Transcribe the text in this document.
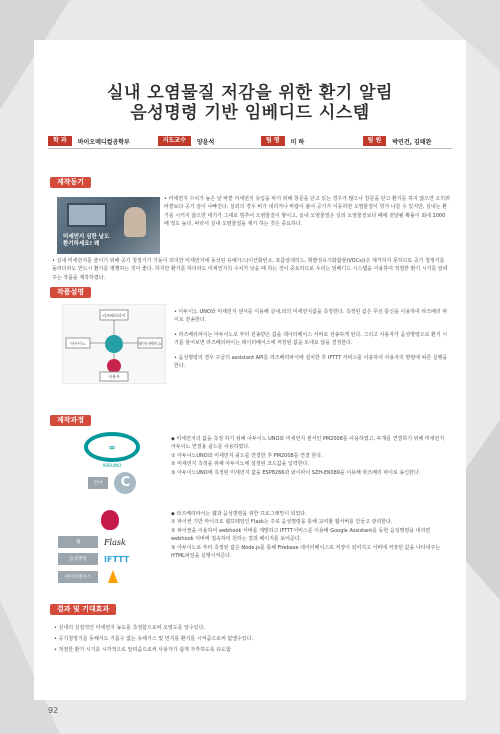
실내 오염물질 저감을 위한 환기 알림
음성명령 기반 임베디드 시스템
학 과	바이오메디컬공학부	지도교수	양윤석	팀 명	미 하	팀 원	박민건, 김태완
제작동기
미세먼지 심한 날도
환기하세요! 왜
• 미세먼지 수치가 높은 날 바깥 미세먼지 유입을 막기 위해 창문을 닫고 있는 경우가 많으나 창문을 닫고 환기를 하지 않으면 오히려 바깥보다 공기 질이 나빠진다. 실외의 경우 비가 내리거나 바람이 불어 공기가 이동하면 오염물질이 빙겨 나갈 수 있지만, 실내는 환기를 시키지 않으면 대기가 그대로 멈추어 오염물질이 쌓이고, 실내 오염물질은 실외 오염물질보다 폐에 전달될 확률이 최대 1000배 정도 높다. 따라서 실내 오염물질을 제거 하는 것은 중요하다.
• 실내 미세먼지를 줄이기 위해 공기 청정기가 가동이 되지만 미세먼지에 동석된 유해가스(이산화탄소, 포름알데히드, 휘발성유기화합물(VOCs))은 제거하지 못하므로 공기 청정기를 돌리더라도 반드시 환기를 병행하는 것이 좋다. 하지만 환기를 하더라도 미세먼지의 수치가 낮을 때 하는 것이 중요하므로 우리는 임베디드 시스템을 이용하여 적절한 환기 시기를 알려주는 작품을 제작하였다.
작품설명
라즈베리파이
아두이노	데이터베이스
사용자
• 아두이노 UNO와 미세먼지 센서를 이용해 실내,외의 미세먼지값을 측정한다. 측정된 값은 무선 통신을 이용하여 라즈베리 파이로 전송한다.
• 라즈베리파이는 아두이노로 부터 전송받은 값을 데이터베이스 서버로 전송하게 된다. 그리고 사용자가 음성명령으로 환기 시기를 물어보면 라즈베리파이는 데이터베이스에 저장된 값을 토대로 답을 결정한다.
• 음성명령의 경우 구글의 assistant API를 라즈베리파이에 설치한 후 IFTTT 서비스를 이용하여 사용자의 명령에 따른 실행을 한다.
제작과정
∞
ARDUINO
언어	C
◆ 미세먼지의 값을 측정 하기 위해 아두이노 UNO와 미세먼지 센서인 PM2008를 사용하였고, 두개를 연결하기 위해 미세먼지 아두이노 연결용 쉴드를 사용하였다.
① 아두이노UNO와 미세먼지 쉴드를 연결한 후 PM2008를 연결 한다.
② 미세먼지 측정을 위해 아두이노에 설정된 코드값을 입력한다.
③ 아두이노UNO에 측정된 미세먼지 값을 ESP8266과 와이파이 SZH-EK089을 이용해 라즈베리 파이로 송신한다.
웹	Flask
음성명령	IFTTT
데이터베이스
◆ 라즈베리파이는 웹과 음성명령을 위한 프로그래밍이 되었다.
① 파이썬 기반 마이크로 웹프레임인 Flask는 주로 음성명령을 통해 교여할 웹서버를 만들고 관리한다.
② 파이썬을 이용하여 webhook 서버를 개발하고 IFTTT서비스를 이용해 Google Assistant를 동한 음성명령을 내리면 webhook 서버에 접속하여 원하는 결과 페이지를 보여준다.
③ 아두이노로 부터 측정된 값은 Node.js를 통해 Firebase 데이터베이스로 저장이 되어지고 서버에 저장된 값을 나타내주는 HTML파일을 실행시켜준다.
결과 및 기대효과
• 실내의 실질적인 미세먼지 농도를 측정함으로써 오염도를 알수있다.
• 공기청정기를 동해서도 거름수 없는 유해가스 및 먼지를 환기를 시켜줌으로써 없앨수있다.
• 적절한 환기 시기를 시각적으로 알려줌으로써 사용자가 쉽게 자각하도록 유도함
92
